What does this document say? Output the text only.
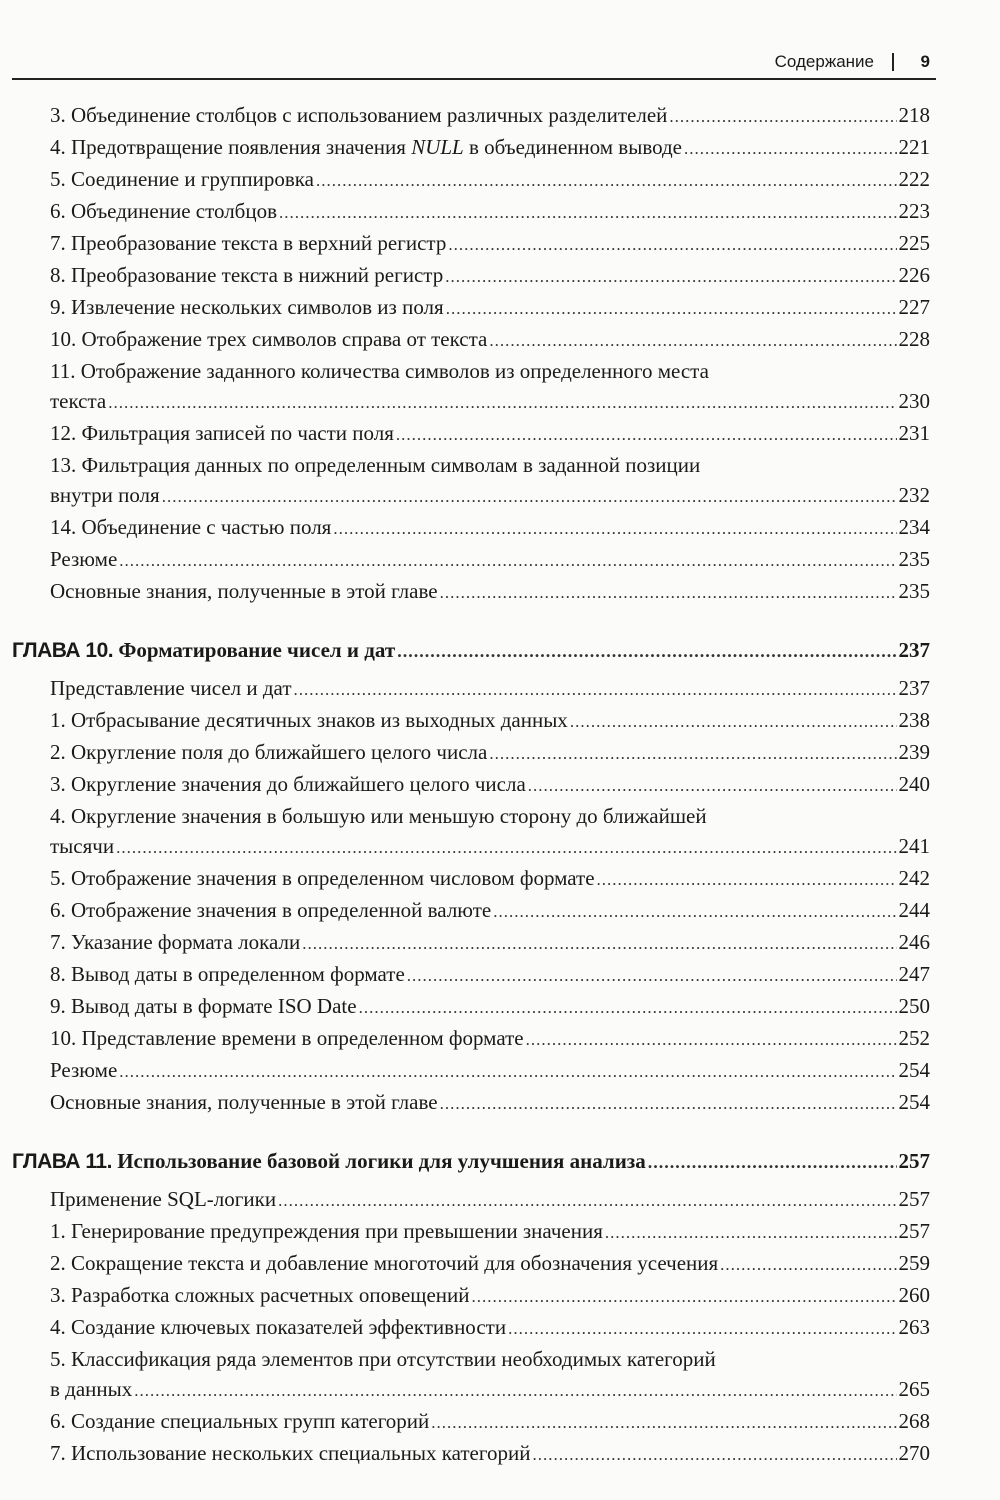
Содержание	9
3. Объединение столбцов с использованием различных разделителей .....	218
4. Предотвращение появления значения NULL в объединенном выводе .....	221
5. Соединение и группировка .....	222
6. Объединение столбцов .....	223
7. Преобразование текста в верхний регистр .....	225
8. Преобразование текста в нижний регистр .....	226
9. Извлечение нескольких символов из поля .....	227
10. Отображение трех символов справа от текста .....	228
11. Отображение заданного количества символов из определенного места
текста .....	230
12. Фильтрация записей по части поля .....	231
13. Фильтрация данных по определенным символам в заданной позиции
внутри поля .....	232
14. Объединение с частью поля .....	234
Резюме .....	235
Основные знания, полученные в этой главе .....	235
ГЛАВА 10. Форматирование чисел и дат .....	237
Представление чисел и дат .....	237
1. Отбрасывание десятичных знаков из выходных данных .....	238
2. Округление поля до ближайшего целого числа .....	239
3. Округление значения до ближайшего целого числа .....	240
4. Округление значения в большую или меньшую сторону до ближайшей
тысячи .....	241
5. Отображение значения в определенном числовом формате .....	242
6. Отображение значения в определенной валюте .....	244
7. Указание формата локали .....	246
8. Вывод даты в определенном формате .....	247
9. Вывод даты в формате ISO Date .....	250
10. Представление времени в определенном формате .....	252
Резюме .....	254
Основные знания, полученные в этой главе .....	254
ГЛАВА 11. Использование базовой логики для улучшения анализа .....	257
Применение SQL-логики .....	257
1. Генерирование предупреждения при превышении значения .....	257
2. Сокращение текста и добавление многоточий для обозначения усечения .....	259
3. Разработка сложных расчетных оповещений .....	260
4. Создание ключевых показателей эффективности .....	263
5. Классификация ряда элементов при отсутствии необходимых категорий
в данных .....	265
6. Создание специальных групп категорий .....	268
7. Использование нескольких специальных категорий .....	270
